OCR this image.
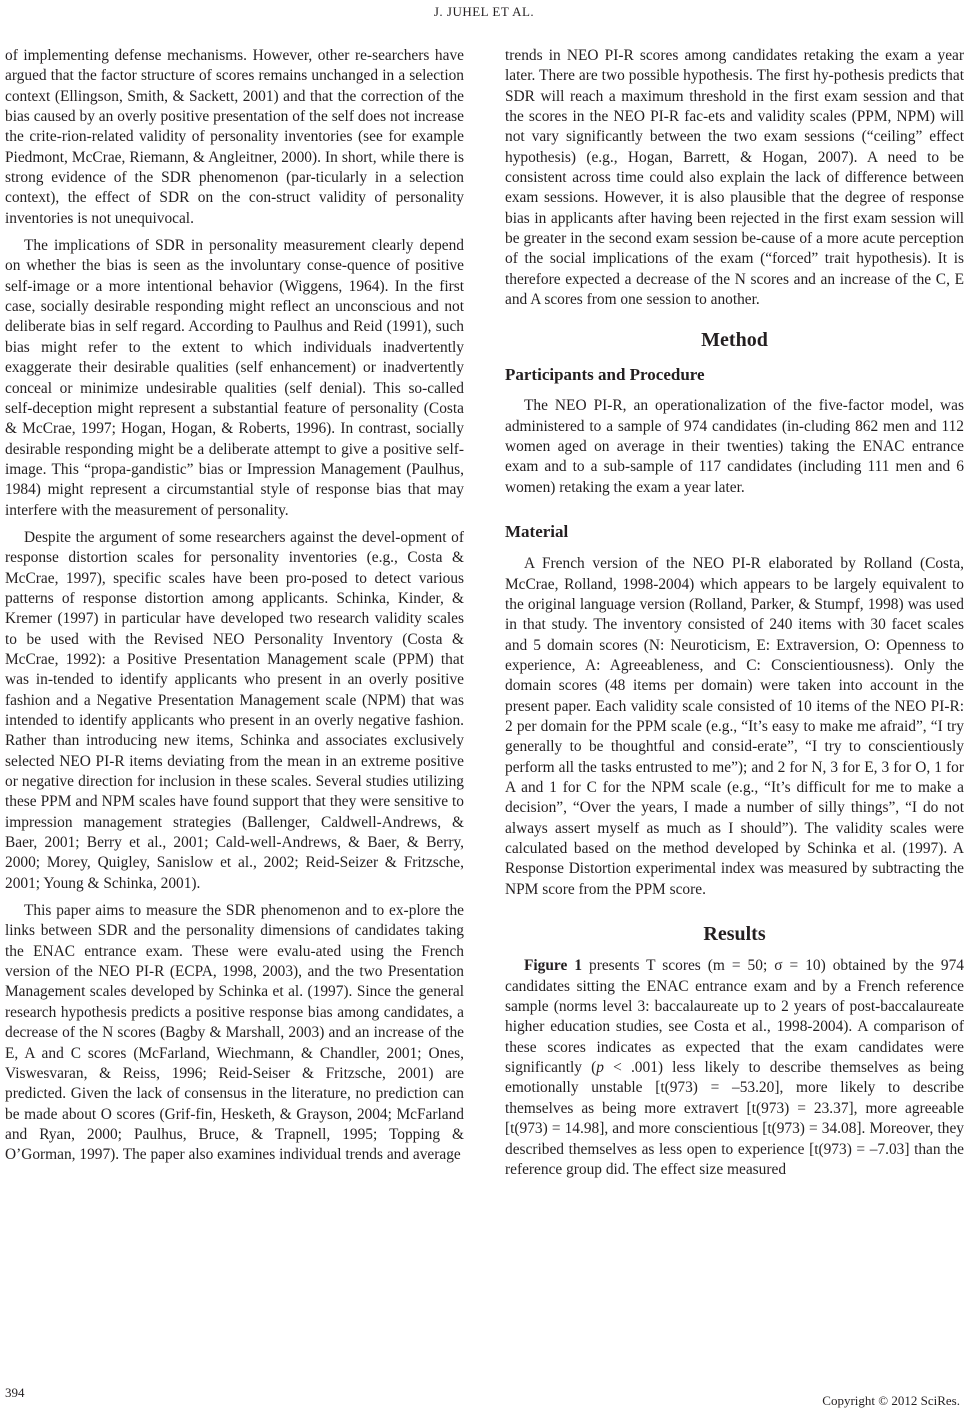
J. JUHEL ET AL.

of implementing defense mechanisms. However, other re-searchers have argued that the factor structure of scores remains unchanged in a selection context (Ellingson, Smith, & Sackett, 2001) and that the correction of the bias caused by an overly positive presentation of the self does not increase the crite-rion-related validity of personality inventories (see for example Piedmont, McCrae, Riemann, & Angleitner, 2000). In short, while there is strong evidence of the SDR phenomenon (par-ticularly in a selection context), the effect of SDR on the con-struct validity of personality inventories is not unequivocal.

The implications of SDR in personality measurement clearly depend on whether the bias is seen as the involuntary conse-quence of positive self-image or a more intentional behavior (Wiggens, 1964). In the first case, socially desirable responding might reflect an unconscious and not deliberate bias in self regard. According to Paulhus and Reid (1991), such bias might refer to the extent to which individuals inadvertently exaggerate their desirable qualities (self enhancement) or inadvertently conceal or minimize undesirable qualities (self denial). This so-called self-deception might represent a substantial feature of personality (Costa & McCrae, 1997; Hogan, Hogan, & Roberts, 1996). In contrast, socially desirable responding might be a deliberate attempt to give a positive self-image. This “propa-gandistic” bias or Impression Management (Paulhus, 1984) might represent a circumstantial style of response bias that may interfere with the measurement of personality.

Despite the argument of some researchers against the devel-opment of response distortion scales for personality inventories (e.g., Costa & McCrae, 1997), specific scales have been pro-posed to detect various patterns of response distortion among applicants. Schinka, Kinder, & Kremer (1997) in particular have developed two research validity scales to be used with the Revised NEO Personality Inventory (Costa & McCrae, 1992): a Positive Presentation Management scale (PPM) that was in-tended to identify applicants who present in an overly positive fashion and a Negative Presentation Management scale (NPM) that was intended to identify applicants who present in an overly negative fashion. Rather than introducing new items, Schinka and associates exclusively selected NEO PI-R items deviating from the mean in an extreme positive or negative direction for inclusion in these scales. Several studies utilizing these PPM and NPM scales have found support that they were sensitive to impression management strategies (Ballenger, Caldwell-Andrews, & Baer, 2001; Berry et al., 2001; Cald-well-Andrews, & Baer, & Berry, 2000; Morey, Quigley, Sanislow et al., 2002; Reid-Seizer & Fritzsche, 2001; Young & Schinka, 2001).

This paper aims to measure the SDR phenomenon and to ex-plore the links between SDR and the personality dimensions of candidates taking the ENAC entrance exam. These were evalu-ated using the French version of the NEO PI-R (ECPA, 1998, 2003), and the two Presentation Management scales developed by Schinka et al. (1997). Since the general research hypothesis predicts a positive response bias among candidates, a decrease of the N scores (Bagby & Marshall, 2003) and an increase of the E, A and C scores (McFarland, Wiechmann, & Chandler, 2001; Ones, Viswesvaran, & Reiss, 1996; Reid-Seiser & Fritzsche, 2001) are predicted. Given the lack of consensus in the literature, no prediction can be made about O scores (Grif-fin, Hesketh, & Grayson, 2004; McFarland and Ryan, 2000; Paulhus, Bruce, & Trapnell, 1995; Topping & O’Gorman, 1997). The paper also examines individual trends and average

trends in NEO PI-R scores among candidates retaking the exam a year later. There are two possible hypothesis. The first hy-pothesis predicts that SDR will reach a maximum threshold in the first exam session and that the scores in the NEO PI-R fac-ets and validity scales (PPM, NPM) will not vary significantly between the two exam sessions (“ceiling” effect hypothesis) (e.g., Hogan, Barrett, & Hogan, 2007). A need to be consistent across time could also explain the lack of difference between exam sessions. However, it is also plausible that the degree of response bias in applicants after having been rejected in the first exam session will be greater in the second exam session be-cause of a more acute perception of the social implications of the exam (“forced” trait hypothesis). It is therefore expected a decrease of the N scores and an increase of the C, E and A scores from one session to another.

Method
Participants and Procedure

The NEO PI-R, an operationalization of the five-factor model, was administered to a sample of 974 candidates (in-cluding 862 men and 112 women aged on average in their twenties) taking the ENAC entrance exam and to a sub-sample of 117 candidates (including 111 men and 6 women) retaking the exam a year later.

Material

A French version of the NEO PI-R elaborated by Rolland (Costa, McCrae, Rolland, 1998-2004) which appears to be largely equivalent to the original language version (Rolland, Parker, & Stumpf, 1998) was used in that study. The inventory consisted of 240 items with 30 facet scales and 5 domain scores (N: Neuroticism, E: Extraversion, O: Openness to experience, A: Agreeableness, and C: Conscientiousness). Only the domain scores (48 items per domain) were taken into account in the present paper. Each validity scale consisted of 10 items of the NEO PI-R: 2 per domain for the PPM scale (e.g., “It’s easy to make me afraid”, “I try generally to be thoughtful and consid-erate”, “I try to conscientiously perform all the tasks entrusted to me”); and 2 for N, 3 for E, 3 for O, 1 for A and 1 for C for the NPM scale (e.g., “It’s difficult for me to make a decision”, “Over the years, I made a number of silly things”, “I do not always assert myself as much as I should”). The validity scales were calculated based on the method developed by Schinka et al. (1997). A Response Distortion experimental index was measured by subtracting the NPM score from the PPM score.

Results

Figure 1 presents T scores (m = 50; σ = 10) obtained by the 974 candidates sitting the ENAC entrance exam and by a French reference sample (norms level 3: baccalaureate up to 2 years of post-baccalaureate higher education studies, see Costa et al., 1998-2004). A comparison of these scores indicates as expected that the exam candidates were significantly (p < .001) less likely to describe themselves as being emotionally unstable [t(973) = –53.20], more likely to describe themselves as being more extravert [t(973) = 23.37], more agreeable [t(973) = 14.98], and more conscientious [t(973) = 34.08]. Moreover, they described themselves as less open to experience [t(973) = –7.03] than the reference group did. The effect size measured

394
Copyright © 2012 SciRes.
